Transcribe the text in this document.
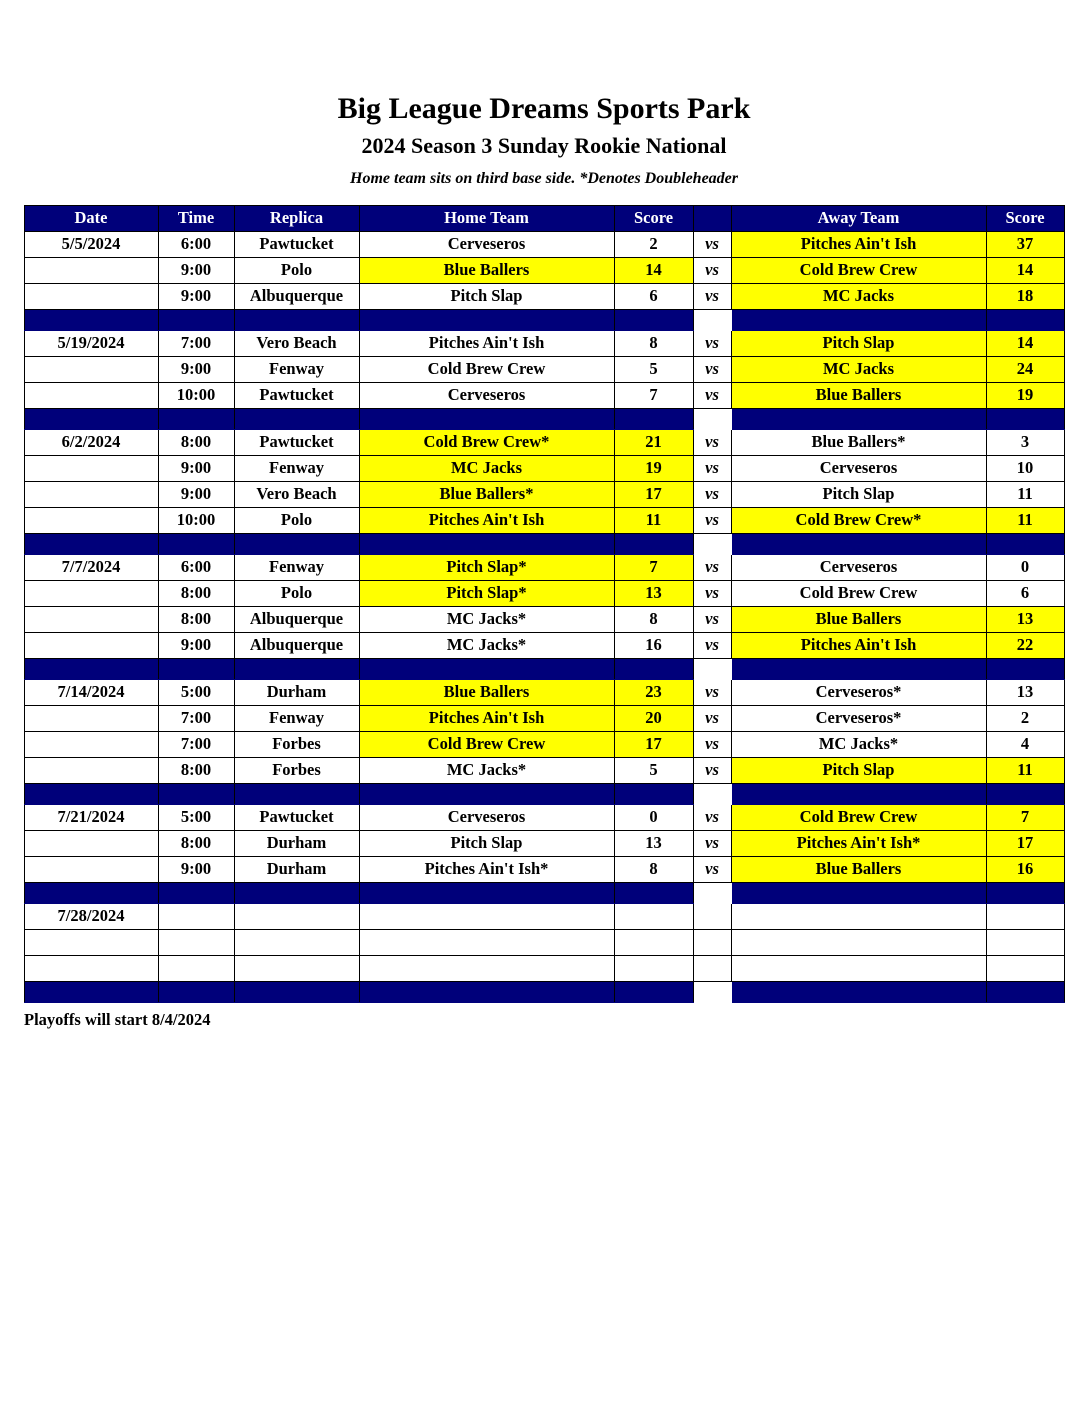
Big League Dreams Sports Park
2024 Season 3 Sunday Rookie National
Home team sits on third base side. *Denotes Doubleheader
Date	Time	Replica	Home Team	Score		Away Team	Score
5/5/2024	6:00	Pawtucket	Cerveseros	2	vs	Pitches Ain't Ish	37
	9:00	Polo	Blue Ballers	14	vs	Cold Brew Crew	14
	9:00	Albuquerque	Pitch Slap	6	vs	MC Jacks	18

5/19/2024	7:00	Vero Beach	Pitches Ain't Ish	8	vs	Pitch Slap	14
	9:00	Fenway	Cold Brew Crew	5	vs	MC Jacks	24
	10:00	Pawtucket	Cerveseros	7	vs	Blue Ballers	19

6/2/2024	8:00	Pawtucket	Cold Brew Crew*	21	vs	Blue Ballers*	3
	9:00	Fenway	MC Jacks	19	vs	Cerveseros	10
	9:00	Vero Beach	Blue Ballers*	17	vs	Pitch Slap	11
	10:00	Polo	Pitches Ain't Ish	11	vs	Cold Brew Crew*	11

7/7/2024	6:00	Fenway	Pitch Slap*	7	vs	Cerveseros	0
	8:00	Polo	Pitch Slap*	13	vs	Cold Brew Crew	6
	8:00	Albuquerque	MC Jacks*	8	vs	Blue Ballers	13
	9:00	Albuquerque	MC Jacks*	16	vs	Pitches Ain't Ish	22

7/14/2024	5:00	Durham	Blue Ballers	23	vs	Cerveseros*	13
	7:00	Fenway	Pitches Ain't Ish	20	vs	Cerveseros*	2
	7:00	Forbes	Cold Brew Crew	17	vs	MC Jacks*	4
	8:00	Forbes	MC Jacks*	5	vs	Pitch Slap	11

7/21/2024	5:00	Pawtucket	Cerveseros	0	vs	Cold Brew Crew	7
	8:00	Durham	Pitch Slap	13	vs	Pitches Ain't Ish*	17
	9:00	Durham	Pitches Ain't Ish*	8	vs	Blue Ballers	16

7/28/2024							

Playoffs will start 8/4/2024
